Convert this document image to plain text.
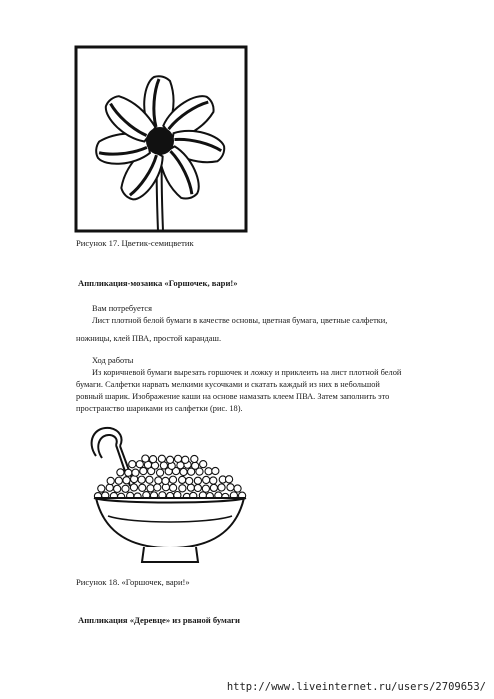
Рисунок 17. Цветик-семицветик
Аппликация-мозаика «Горшочек, вари!»

Вам потребуется

Лист плотной белой бумаги в качестве основы, цветная бумага, цветные салфетки,

ножницы, клей ПВА, простой карандаш.

Ход работы

Из коричневой бумаги вырезать горшочек и ложку и приклеить на лист плотной белой

бумаги. Салфетки нарвать мелкими кусочками и скатать каждый из них в небольшой

ровный шарик. Изображение каши на основе намазать клеем ПВА. Затем заполнить это

пространство шариками из салфетки (рис. 18).

Рисунок 18. «Горшочек, вари!»
Аппликация «Деревце» из рваной бумаги
http://www.liveinternet.ru/users/2709653/
